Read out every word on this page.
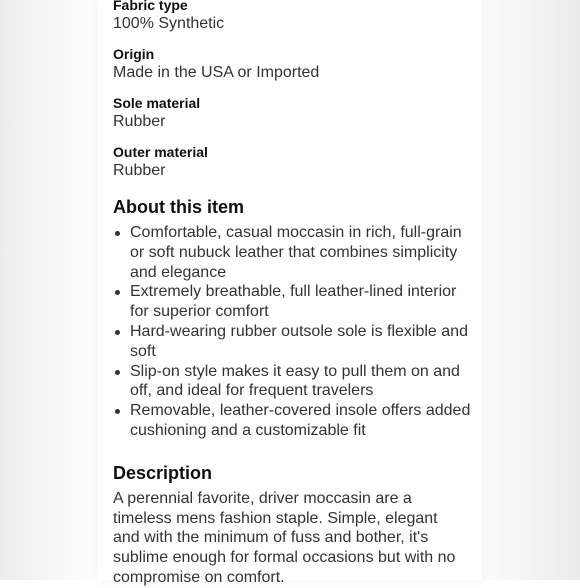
Fabric type
100% Synthetic
Origin
Made in the USA or Imported
Sole material
Rubber
Outer material
Rubber
About this item
Comfortable, casual moccasin in rich, full-grain or soft nubuck leather that combines simplicity and elegance
Extremely breathable, full leather-lined interior for superior comfort
Hard-wearing rubber outsole sole is flexible and soft
Slip-on style makes it easy to pull them on and off, and ideal for frequent travelers
Removable, leather-covered insole offers added cushioning and a customizable fit
Description

A perennial favorite, driver moccasin are a timeless mens fashion staple. Simple, elegant and with the minimum of fuss and bother, it's sublime enough for formal occasions but with no compromise on comfort.
